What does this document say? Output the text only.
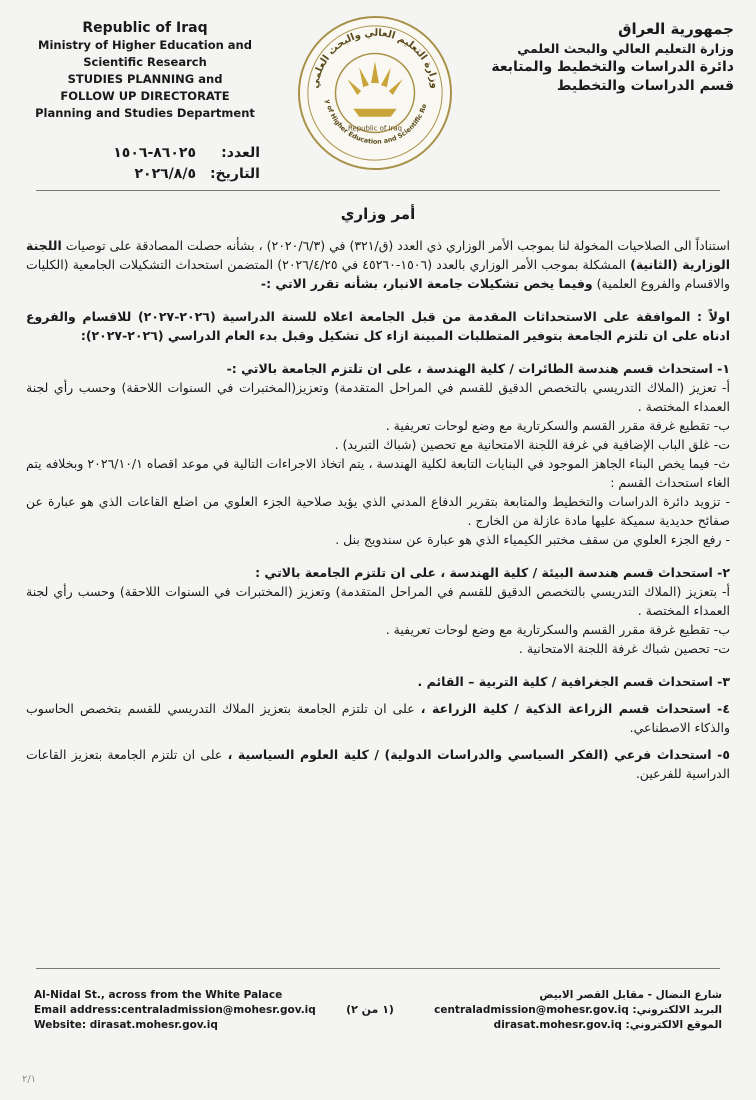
Republic of Iraq
Ministry of Higher Education and
Scientific Research
STUDIES PLANNING and
FOLLOW UP DIRECTORATE
Planning and Studies Department
وزارة التعليم العالي والبحث العلمي
y of Higher Education and Scientific Re
Republic of Iraq
جمهورية العراق
وزارة التعليم العالي والبحث العلمي
دائرة الدراسات والتخطيط والمتابعة
قسم الدراسات والتخطيط
العدد:
٨٦٠٢٥-١٥٠٦
التاريخ:
٢٠٢٦/٨/٥
أمر وزاري

استناداً الى الصلاحيات المخولة لنا بموجب الأمر الوزاري ذي العدد (ق/٣٢١) في (٢٠٢٠/٦/٣) ، بشأنه حصلت المصادقة على توصيات اللجنة الوزارية (الثانية) المشكلة بموجب الأمر الوزاري بالعدد (١٥٠٦-٤٥٢٦٠ في ٢٠٢٦/٤/٢٥) المتضمن استحداث التشكيلات الجامعية (الكليات والاقسام والفروع العلمية) وفيما يخص تشكيلات جامعة الانبار، بشأنه تقرر الاتي :-

اولاً : الموافقة على الاستحداثات المقدمة من قبل الجامعة اعلاه للسنة الدراسية (٢٠٢٦-٢٠٢٧) للاقسام والفروع ادناه على ان تلتزم الجامعة بتوفير المتطلبات المبينة ازاء كل تشكيل وقبل بدء العام الدراسي (٢٠٢٦-٢٠٢٧):

١- استحداث قسم هندسة الطائرات / كلية الهندسة ، على ان تلتزم الجامعة بالاتي :-

أ- تعزيز (الملاك التدريسي بالتخصص الدقيق للقسم في المراحل المتقدمة) وتعزيز(المختبرات في السنوات اللاحقة) وحسب رأي لجنة العمداء المختصة .

ب- تقطيع غرفة مقرر القسم والسكرتارية مع وضع لوحات تعريفية .

ت- غلق الباب الإضافية في غرفة اللجنة الامتحانية مع تحصين (شباك التبريد) .

ث- فيما يخص البناء الجاهز الموجود في البنايات التابعة لكلية الهندسة ، يتم اتخاذ الاجراءات التالية في موعد اقصاه ٢٠٢٦/١٠/١ وبخلافه يتم الغاء استحداث القسم :

- تزويد دائرة الدراسات والتخطيط والمتابعة بتقرير الدفاع المدني الذي يؤيد صلاحية الجزء العلوي من اضلع القاعات الذي هو عبارة عن صفائح حديدية سميكة عليها مادة عازلة من الخارج .

- رفع الجزء العلوي من سقف مختبر الكيمياء الذي هو عبارة عن سندويج بنل .

٢- استحداث قسم هندسة البيئة / كلية الهندسة ، على ان تلتزم الجامعة بالاتي :

أ- بتعزيز (الملاك التدريسي بالتخصص الدقيق للقسم في المراحل المتقدمة) وتعزيز (المختبرات في السنوات اللاحقة) وحسب رأي لجنة العمداء المختصة .

ب- تقطيع غرفة مقرر القسم والسكرتارية مع وضع لوحات تعريفية .

ت- تحصين شباك غرفة اللجنة الامتحانية .

٣- استحداث قسم الجغرافية / كلية التربية – القائم .

٤- استحداث قسم الزراعة الذكية / كلية الزراعة ، على ان تلتزم الجامعة بتعزيز الملاك التدريسي للقسم بتخصص الحاسوب والذكاء الاصطناعي.

٥- استحداث فرعي (الفكر السياسي والدراسات الدولية) / كلية العلوم السياسية ، على ان تلتزم الجامعة بتعزيز القاعات الدراسية للفرعين.

Al-Nidal St., across from the White Palace
Email address:centraladmission@mohesr.gov.iq
Website: dirasat.mohesr.gov.iq
(١ من ٢)
شارع النضال - مقابل القصر الابيض
البريد الالكتروني: centraladmission@mohesr.gov.iq
الموقع الالكتروني: dirasat.mohesr.gov.iq
٢/١
